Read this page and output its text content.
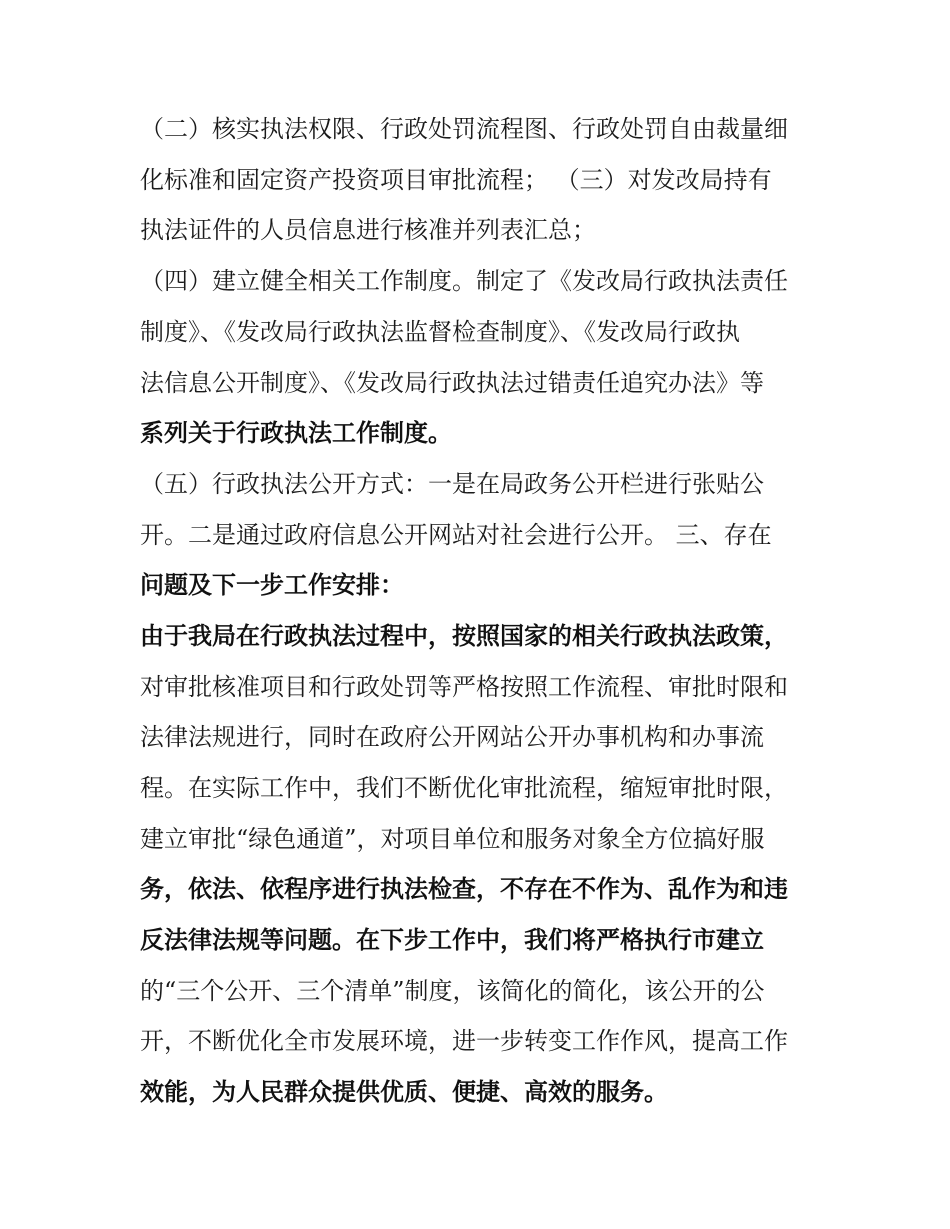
（二）核实执法权限、行政处罚流程图、行政处罚自由裁量细
化标准和固定资产投资项目审批流程； （三）对发改局持有
执法证件的人员信息进行核准并列表汇总；
（四）建立健全相关工作制度。制定了《发改局行政执法责任
制度》、《发改局行政执法监督检查制度》、《发改局行政执
法信息公开制度》、《发改局行政执法过错责任追究办法》等
系列关于行政执法工作制度。
（五）行政执法公开方式：一是在局政务公开栏进行张贴公
开。二是通过政府信息公开网站对社会进行公开。 三、存在
问题及下一步工作安排：
由于我局在行政执法过程中，按照国家的相关行政执法政策，
对审批核准项目和行政处罚等严格按照工作流程、审批时限和
法律法规进行，同时在政府公开网站公开办事机构和办事流
程。在实际工作中，我们不断优化审批流程，缩短审批时限，
建立审批“绿色通道”，对项目单位和服务对象全方位搞好服
务，依法、依程序进行执法检查，不存在不作为、乱作为和违
反法律法规等问题。在下步工作中，我们将严格执行市建立
的“三个公开、三个清单”制度，该简化的简化，该公开的公
开，不断优化全市发展环境，进一步转变工作作风，提高工作
效能，为人民群众提供优质、便捷、高效的服务。
